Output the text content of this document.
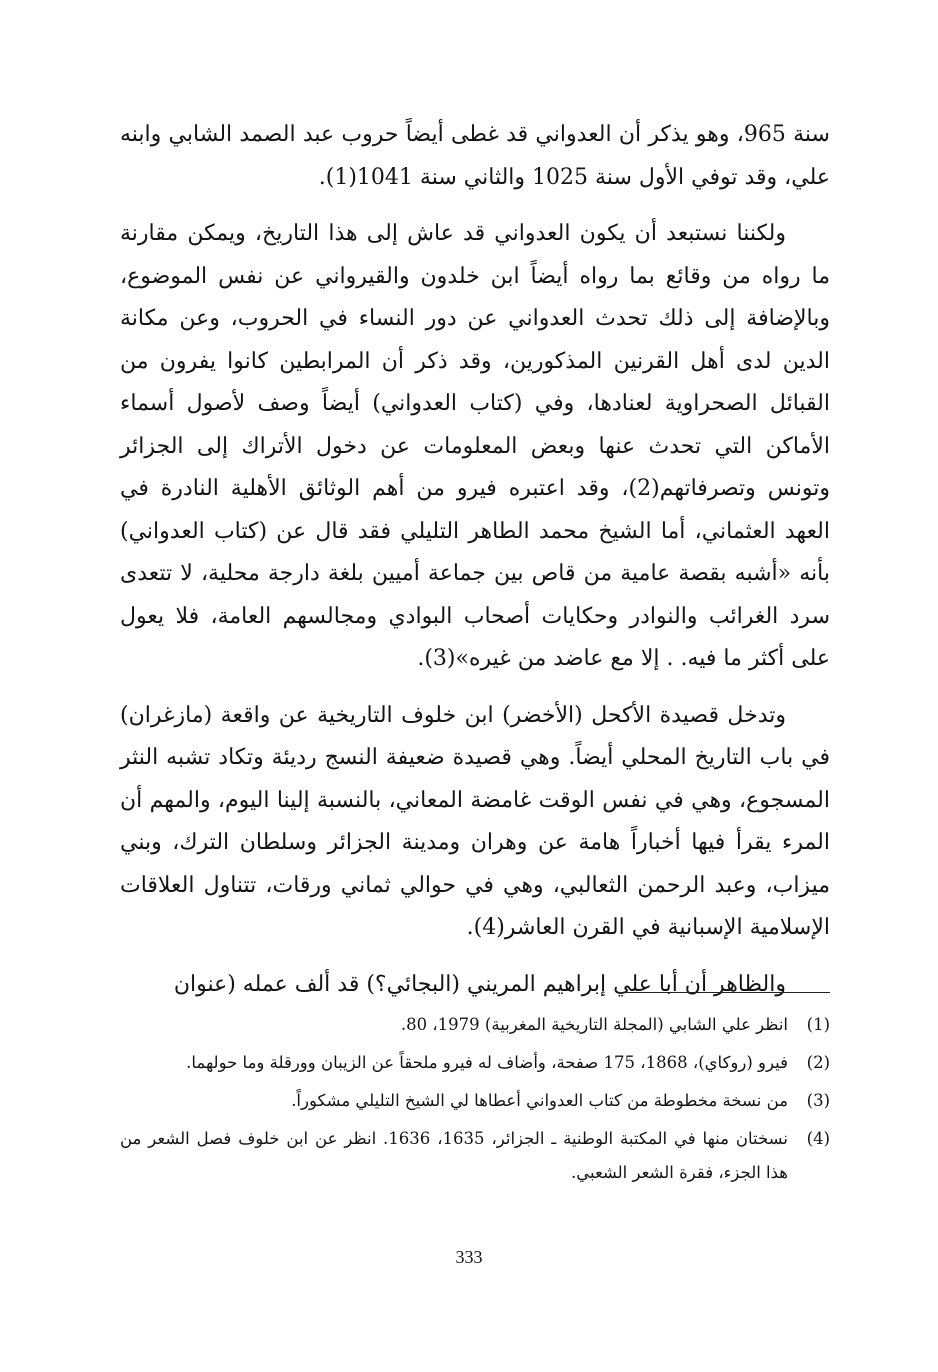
سنة 965، وهو يذكر أن العدواني قد غطى أيضاً حروب عبد الصمد الشابي وابنه علي، وقد توفي الأول سنة 1025 والثاني سنة 1041(1).

ولكننا نستبعد أن يكون العدواني قد عاش إلى هذا التاريخ، ويمكن مقارنة ما رواه من وقائع بما رواه أيضاً ابن خلدون والقيرواني عن نفس الموضوع، وبالإضافة إلى ذلك تحدث العدواني عن دور النساء في الحروب، وعن مكانة الدين لدى أهل القرنين المذكورين، وقد ذكر أن المرابطين كانوا يفرون من القبائل الصحراوية لعنادها، وفي (كتاب العدواني) أيضاً وصف لأصول أسماء الأماكن التي تحدث عنها وبعض المعلومات عن دخول الأتراك إلى الجزائر وتونس وتصرفاتهم(2)، وقد اعتبره فيرو من أهم الوثائق الأهلية النادرة في العهد العثماني، أما الشيخ محمد الطاهر التليلي فقد قال عن (كتاب العدواني) بأنه «أشبه بقصة عامية من قاص بين جماعة أميين بلغة دارجة محلية، لا تتعدى سرد الغرائب والنوادر وحكايات أصحاب البوادي ومجالسهم العامة، فلا يعول على أكثر ما فيه. . إلا مع عاضد من غيره»(3).

وتدخل قصيدة الأكحل (الأخضر) ابن خلوف التاريخية عن واقعة (مازغران) في باب التاريخ المحلي أيضاً. وهي قصيدة ضعيفة النسج رديئة وتكاد تشبه النثر المسجوع، وهي في نفس الوقت غامضة المعاني، بالنسبة إلينا اليوم، والمهم أن المرء يقرأ فيها أخباراً هامة عن وهران ومدينة الجزائر وسلطان الترك، وبني ميزاب، وعبد الرحمن الثعالبي، وهي في حوالي ثماني ورقات، تتناول العلاقات الإسلامية الإسبانية في القرن العاشر(4).

والظاهر أن أبا علي إبراهيم المريني (البجائي؟) قد ألف عمله (عنوان

(1)
انظر علي الشابي (المجلة التاريخية المغربية) 1979، 80.

(2)
فيرو (روكاي)، 1868، 175 صفحة، وأضاف له فيرو ملحقاً عن الزيبان وورقلة وما حولهما.

(3)
من نسخة مخطوطة من كتاب العدواني أعطاها لي الشيخ التليلي مشكوراً.

(4)
نسختان منها في المكتبة الوطنية ـ الجزائر، 1635، 1636. انظر عن ابن خلوف فصل الشعر من هذا الجزء، فقرة الشعر الشعبي.

333
